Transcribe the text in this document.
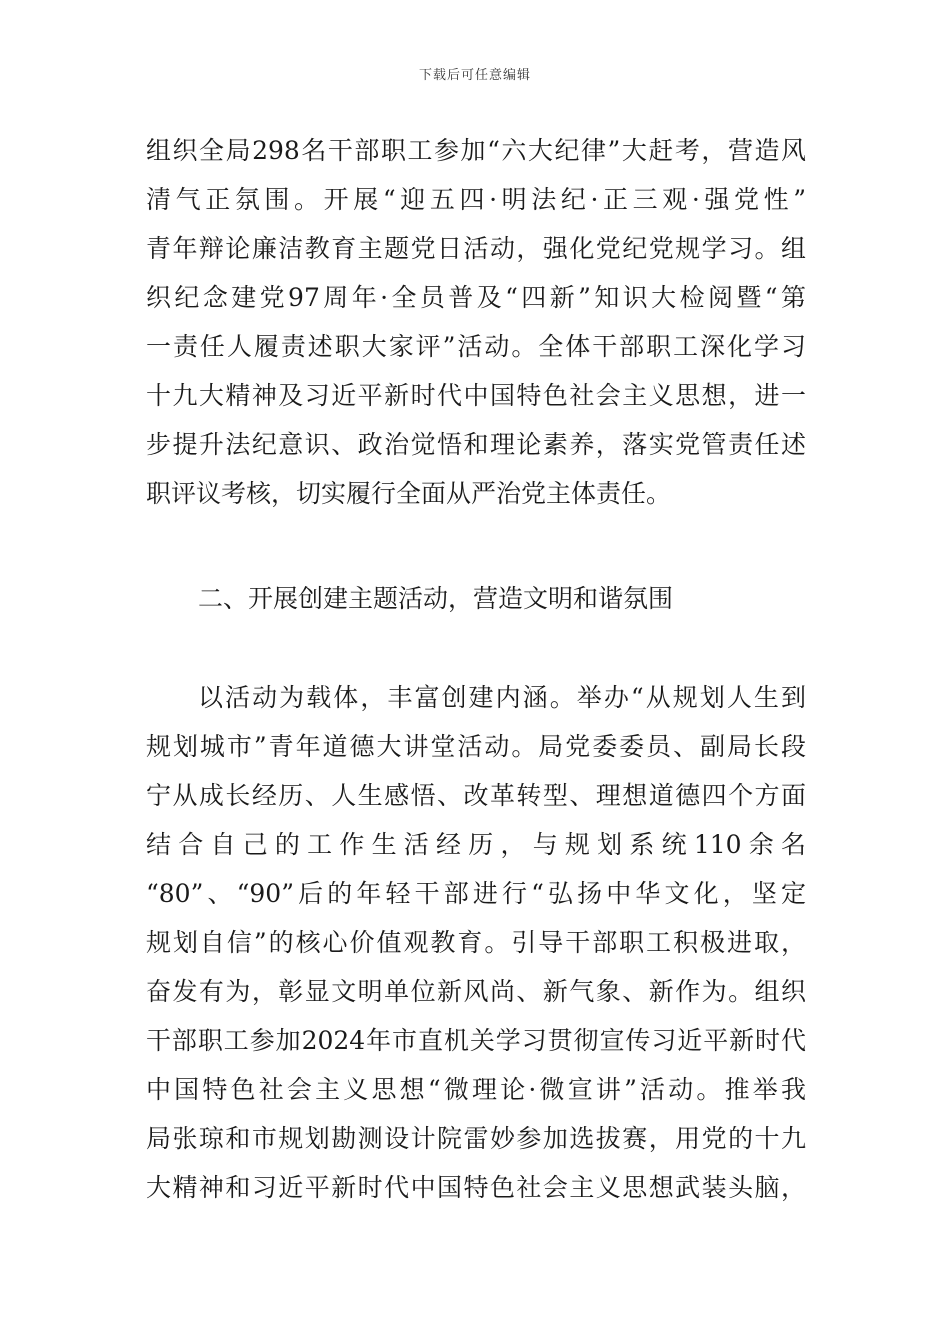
下载后可任意编辑
组织全局298名干部职工参加“六大纪律”大赶考，营造风
清气正氛围。开展“迎五四·明法纪·正三观·强党性”
青年辩论廉洁教育主题党日活动，强化党纪党规学习。组
织纪念建党97周年·全员普及“四新”知识大检阅暨“第
一责任人履责述职大家评”活动。全体干部职工深化学习
十九大精神及习近平新时代中国特色社会主义思想，进一
步提升法纪意识、政治觉悟和理论素养，落实党管责任述
职评议考核，切实履行全面从严治党主体责任。
二、开展创建主题活动，营造文明和谐氛围
以活动为载体，丰富创建内涵。举办“从规划人生到
规划城市”青年道德大讲堂活动。局党委委员、副局长段
宁从成长经历、人生感悟、改革转型、理想道德四个方面
结合自己的工作生活经历，与规划系统110余名
“80”、“90”后的年轻干部进行“弘扬中华文化，坚定
规划自信”的核心价值观教育。引导干部职工积极进取，
奋发有为，彰显文明单位新风尚、新气象、新作为。组织
干部职工参加2024年市直机关学习贯彻宣传习近平新时代
中国特色社会主义思想“微理论·微宣讲”活动。推举我
局张琼和市规划勘测设计院雷妙参加选拔赛，用党的十九
大精神和习近平新时代中国特色社会主义思想武装头脑，
